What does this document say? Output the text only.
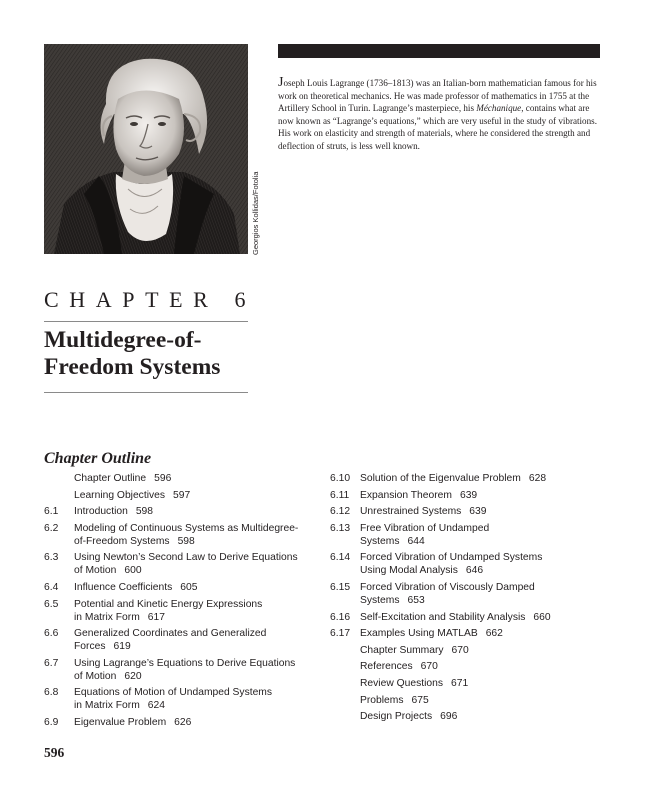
Georgios Kollidas/Fotolia
Joseph Louis Lagrange (1736–1813) was an Italian-born mathematician famous for his work on theoretical mechanics. He was made professor of mathematics in 1755 at the Artillery School in Turin. Lagrange’s masterpiece, his Méchanique, contains what are now known as “Lagrange’s equations,” which are very useful in the study of vibrations. His work on elasticity and strength of materials, where he considered the strength and deflection of struts, is less well known.
CHAPTER 6
Multidegree-of-
Freedom Systems
Chapter Outline
Chapter Outline 596
Learning Objectives 597
6.1 Introduction 598
6.2 Modeling of Continuous Systems as Multidegree-
of-Freedom Systems 598
6.3 Using Newton’s Second Law to Derive Equations
of Motion 600
6.4 Influence Coefficients 605
6.5 Potential and Kinetic Energy Expressions
in Matrix Form 617
6.6 Generalized Coordinates and Generalized
Forces 619
6.7 Using Lagrange’s Equations to Derive Equations
of Motion 620
6.8 Equations of Motion of Undamped Systems
in Matrix Form 624
6.9 Eigenvalue Problem 626
6.10 Solution of the Eigenvalue Problem 628
6.11 Expansion Theorem 639
6.12 Unrestrained Systems 639
6.13 Free Vibration of Undamped
Systems 644
6.14 Forced Vibration of Undamped Systems
Using Modal Analysis 646
6.15 Forced Vibration of Viscously Damped
Systems 653
6.16 Self-Excitation and Stability Analysis 660
6.17 Examples Using MATLAB 662
Chapter Summary 670
References 670
Review Questions 671
Problems 675
Design Projects 696
596
